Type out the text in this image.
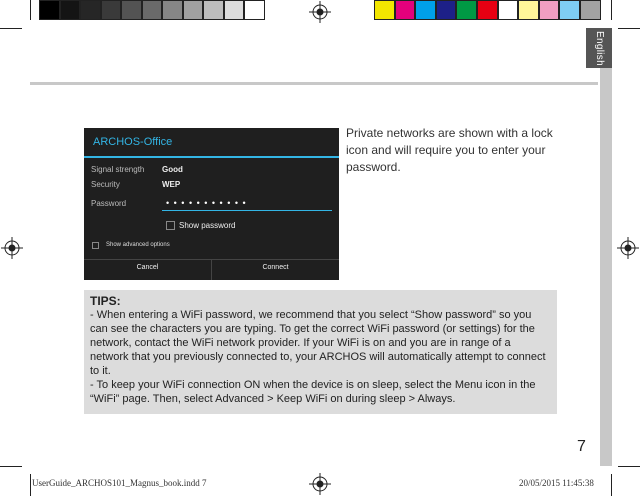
English
ARCHOS-Office
Signal strength Good
Security	WEP
Password	• • • • • • • • • • •
Show password
Show advanced options
Cancel	Connect
Private networks are shown with a lock icon and will require you to enter your password.
TIPS:

- When entering a WiFi password, we recommend that you select “Show password” so you can see the characters you are typing. To get the correct WiFi password (or settings) for the network, contact the WiFi network provider. If your WiFi is on and you are in range of a network that you previously connected to, your ARCHOS will automatically attempt to connect to it.

- To keep your WiFi connection ON when the device is on sleep, select the Menu icon in the “WiFi” page. Then, select Advanced > Keep WiFi on during sleep > Always.

7
UserGuide_ARCHOS101_Magnus_book.indd 7	20/05/2015 11:45:38
